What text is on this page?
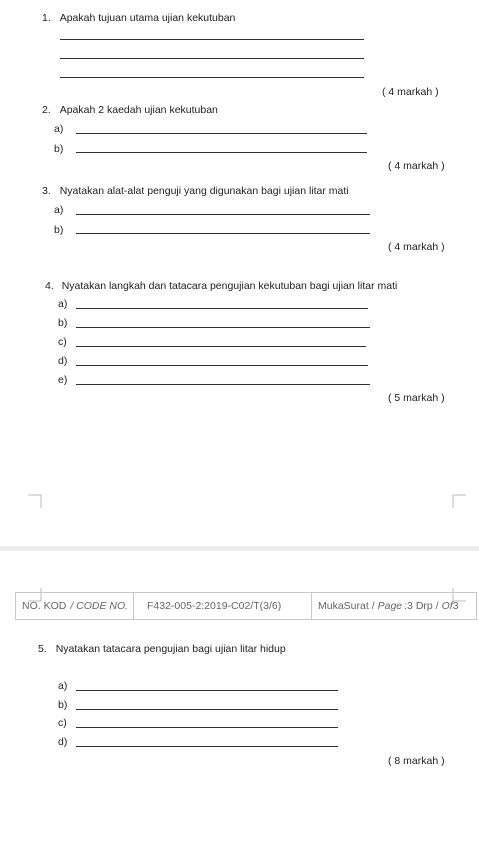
1. Apakah tujuan utama ujian kekutuban
( 4 markah )
2. Apakah 2 kaedah ujian kekutuban
a)
b)
( 4 markah )
3. Nyatakan alat-alat penguji yang digunakan bagi ujian litar mati
a)
b)
( 4 markah )
4. Nyatakan langkah dan tatacara pengujian kekutuban bagi ujian litar mati
a)
b)
c)
d)
e)
( 5 markah )
NO. KOD / CODE NO. F432-005-2:2019-C02/T(3/6)	MukaSurat / Page :3 Drp / Of 3
5. Nyatakan tatacara pengujian bagi ujian litar hidup
a)
b)
c)
d)
( 8 markah )
